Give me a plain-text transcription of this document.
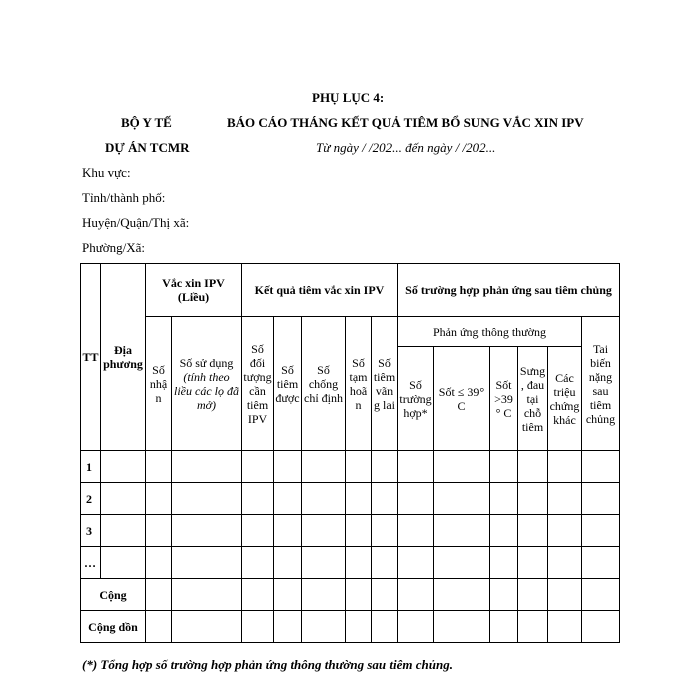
PHỤ LỤC 4:
BỘ Y TẾ	BÁO CÁO THÁNG KẾT QUẢ TIÊM BỔ SUNG VẮC XIN IPV
DỰ ÁN TCMR	Từ ngày / /202... đến ngày / /202...
Khu vực:
Tỉnh/thành phố:
Huyện/Quận/Thị xã:
Phường/Xã:
TT	Địa phương	Vắc xin IPV (Liều)		Kết quả tiêm vắc xin IPV					Số trường hợp phản ứng sau tiêm chủng					
		Số nhận	Số sử dụng (tính theo liều các lọ đã mở)	Số đối tượng cần tiêm IPV	Số tiêm được	Số chống chỉ định	Số tạm hoãn	Số tiêm vãng lai	Phản ứng thông thường					Tai biến nặng sau tiêm chủng
									Số trường hợp*	Sốt ≤ 39° C	Sốt >39 ° C	Sưng, đau tại chỗ tiêm	Các triệu chứng khác	
1														
2														
3														
…														
Cộng														
Cộng dồn														
(*) Tổng hợp số trường hợp phản ứng thông thường sau tiêm chủng.
